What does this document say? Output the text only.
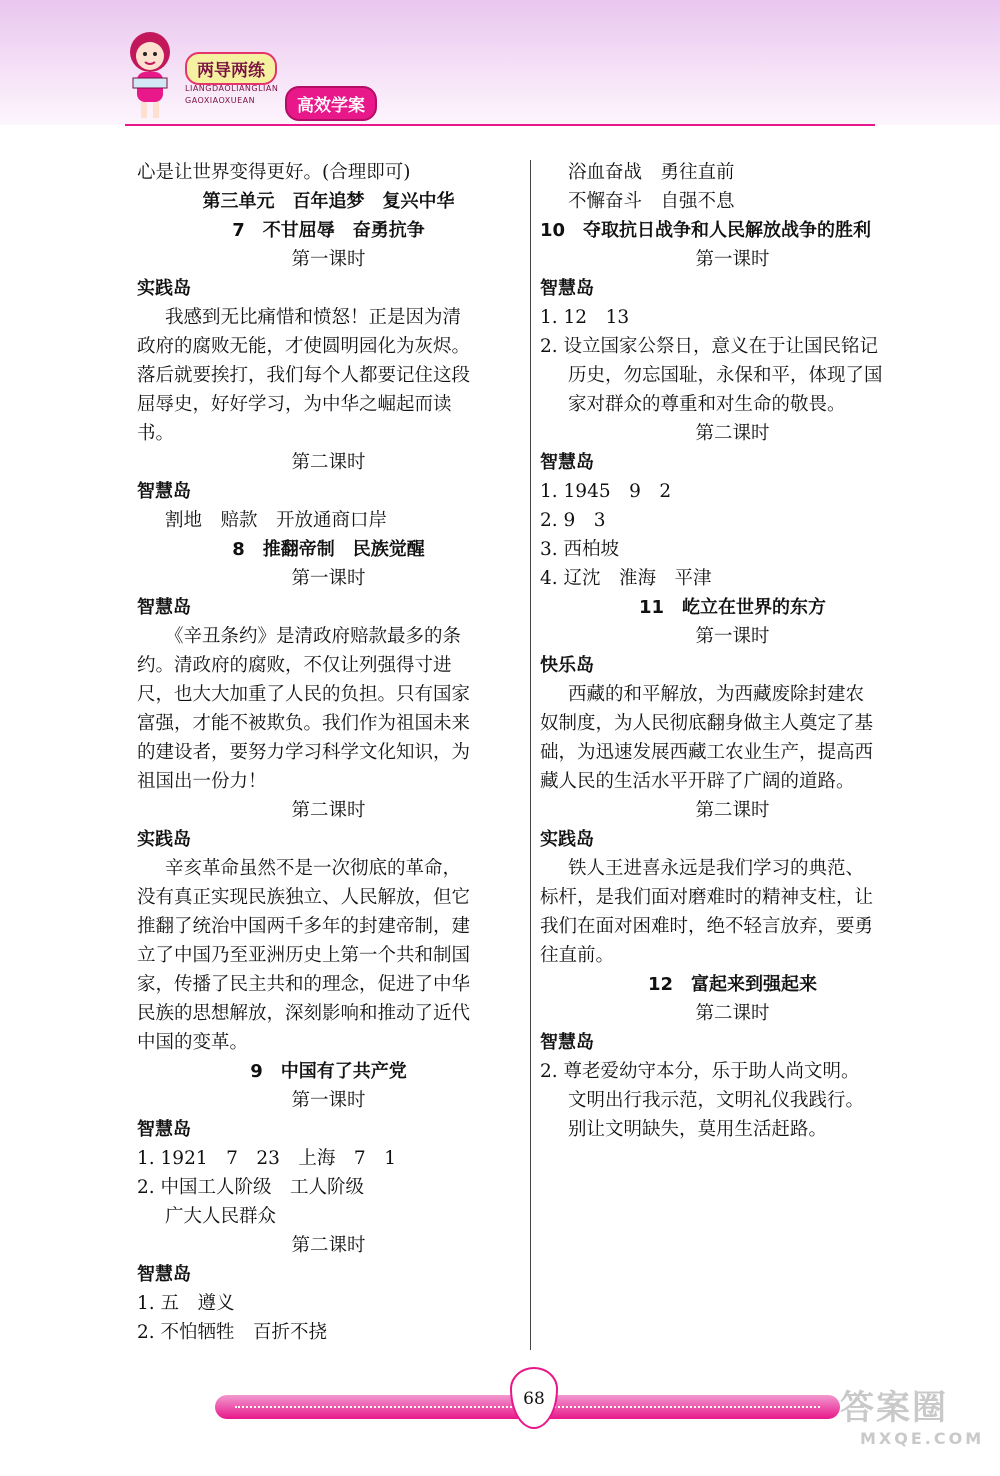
两导两练
LIANGDAOLIANGLIAN
GAOXIAOXUEAN	高效学案
心是让世界变得更好。(合理即可)
第三单元　百年追梦　复兴中华
7　不甘屈辱　奋勇抗争
第一课时
实践岛
我感到无比痛惜和愤怒！正是因为清
政府的腐败无能，才使圆明园化为灰烬。
落后就要挨打，我们每个人都要记住这段
屈辱史，好好学习，为中华之崛起而读
书。
第二课时
智慧岛
割地　赔款　开放通商口岸
8　推翻帝制　民族觉醒
第一课时
智慧岛
《辛丑条约》是清政府赔款最多的条
约。清政府的腐败，不仅让列强得寸进
尺，也大大加重了人民的负担。只有国家
富强，才能不被欺负。我们作为祖国未来
的建设者，要努力学习科学文化知识，为
祖国出一份力！
第二课时
实践岛
辛亥革命虽然不是一次彻底的革命，
没有真正实现民族独立、人民解放，但它
推翻了统治中国两千多年的封建帝制，建
立了中国乃至亚洲历史上第一个共和制国
家，传播了民主共和的理念，促进了中华
民族的思想解放，深刻影响和推动了近代
中国的变革。
9　中国有了共产党
第一课时
智慧岛
1. 1921　7　23　上海　7　1
2. 中国工人阶级　工人阶级
广大人民群众
第二课时
智慧岛
1. 五　遵义
2. 不怕牺牲　百折不挠
浴血奋战　勇往直前
不懈奋斗　自强不息
10　夺取抗日战争和人民解放战争的胜利
第一课时
智慧岛
1. 12　13
2. 设立国家公祭日，意义在于让国民铭记
历史，勿忘国耻，永保和平，体现了国
家对群众的尊重和对生命的敬畏。
第二课时
智慧岛
1. 1945　9　2
2. 9　3
3. 西柏坡
4. 辽沈　淮海　平津
11　屹立在世界的东方
第一课时
快乐岛
西藏的和平解放，为西藏废除封建农
奴制度，为人民彻底翻身做主人奠定了基
础，为迅速发展西藏工农业生产，提高西
藏人民的生活水平开辟了广阔的道路。
第二课时
实践岛
铁人王进喜永远是我们学习的典范、
标杆，是我们面对磨难时的精神支柱，让
我们在面对困难时，绝不轻言放弃，要勇
往直前。
12　富起来到强起来
第二课时
智慧岛
2. 尊老爱幼守本分，乐于助人尚文明。
文明出行我示范，文明礼仪我践行。
别让文明缺失，莫用生活赶路。
68	答案圈
MXQE.COM
